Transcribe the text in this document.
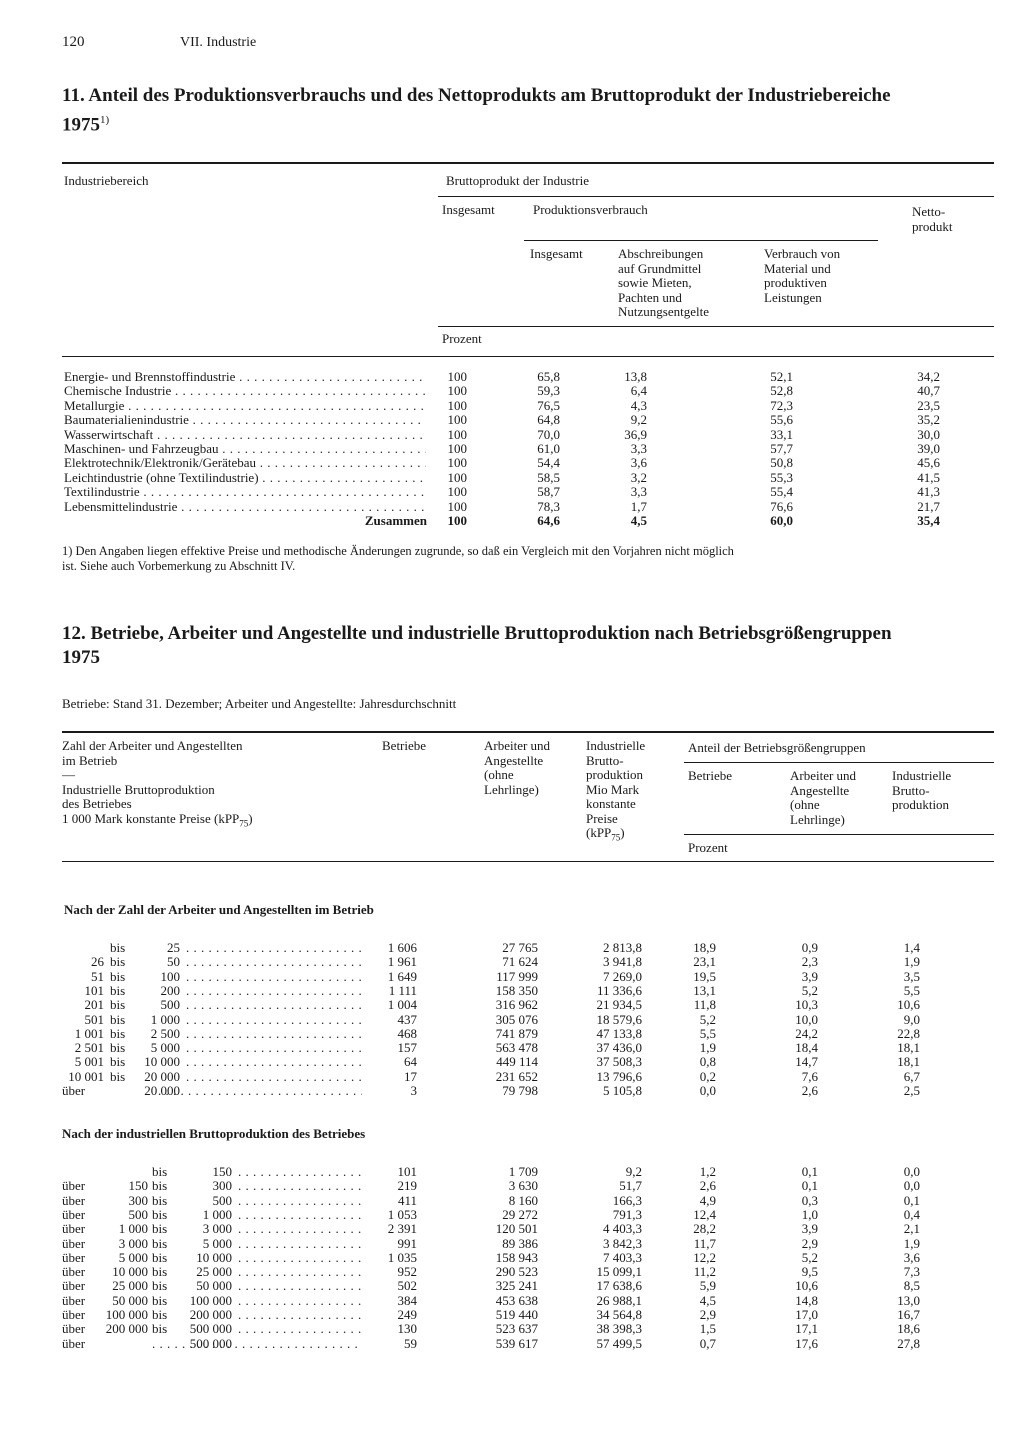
120	VII. Industrie
11. Anteil des Produktionsverbrauchs und des Nettoprodukts am Bruttoprodukt der Industriebereiche
1975$^{1)}$
Industriebereich	Bruttoprodukt der Industrie
Insgesamt	Produktionsverbrauch	Netto-
produkt
Insgesamt	Abschreibungen
auf Grundmittel
sowie Mieten,
Pachten und
Nutzungsentgelte
Verbrauch von
Material und
produktiven
Leistungen
Prozent
Energie- und Brennstoffindustrie . . .	100	65,8	13,8	52,1	34,2
Chemische Industrie . . .	100	59,3	6,4	52,8	40,7
Metallurgie . . .	100	76,5	4,3	72,3	23,5
Baumaterialienindustrie . . .	100	64,8	9,2	55,6	35,2
Wasserwirtschaft . . .	100	70,0	36,9	33,1	30,0
Maschinen- und Fahrzeugbau . . .	100	61,0	3,3	57,7	39,0
Elektrotechnik/Elektronik/Gerätebau . . .	100	54,4	3,6	50,8	45,6
Leichtindustrie (ohne Textilindustrie) . . .	100	58,5	3,2	55,3	41,5
Textilindustrie . . .	100	58,7	3,3	55,4	41,3
Lebensmittelindustrie . . .	100	78,3	1,7	76,6	21,7
Zusammen 100	64,6	4,5	60,0	35,4
1) Den Angaben liegen effektive Preise und methodische Änderungen zugrunde, so daß ein Vergleich mit den Vorjahren nicht möglich
ist. Siehe auch Vorbemerkung zu Abschnitt IV.
12. Betriebe, Arbeiter und Angestellte und industrielle Bruttoproduktion nach Betriebsgrößengruppen
1975
Betriebe: Stand 31. Dezember; Arbeiter und Angestellte: Jahresdurchschnitt
Zahl der Arbeiter und Angestellten
im Betrieb
—
Industrielle Bruttoproduktion
des Betriebes
1 000 Mark konstante Preise (kPP$_{75}$)
Betriebe	Arbeiter und
Angestellte
(ohne
Lehrlinge)
Industrielle
Brutto-
produktion
Mio Mark
konstante
Preise
(kPP$_{75}$)
Anteil der Betriebsgrößengruppen
Betriebe	Arbeiter und
Angestellte
(ohne
Lehrlinge)
Industrielle
Brutto-
produktion
Prozent
Nach der Zahl der Arbeiter und Angestellten im Betrieb
bis	25 . . .	1 606	27 765	2 813,8	18,9	0,9	1,4
26 bis	50 . . .	1 961	71 624	3 941,8	23,1	2,3	1,9
51 bis	100 . . .	1 649	117 999	7 269,0	19,5	3,9	3,5
101 bis	200 . . .	1 111	158 350	11 336,6	13,1	5,2	5,5
201 bis	500 . . .	1 004	316 962	21 934,5	11,8	10,3	10,6
501 bis 1 000 . . .	437	305 076	18 579,6	5,2	10,0	9,0
1 001 bis 2 500 . . .	468	741 879	47 133,8	5,5	24,2	22,8
2 501 bis 5 000 . . .	157	563 478	37 436,0	1,9	18,4	18,1
5 001 bis 10 000 . . .	64	449 114	37 508,3	0,8	14,7	18,1
10 001 bis 20 000 . . .	17	231 652	13 796,6	0,2	7,6	6,7
über	20 000 . . .	3	79 798	5 105,8	0,0	2,6	2,5
Nach der industriellen Bruttoproduktion des Betriebes
bis	150 . . .	101	1 709	9,2	1,2	0,1	0,0
über	150 bis	300 . . .	219	3 630	51,7	2,6	0,1	0,0
über	300 bis	500 . . .	411	8 160	166,3	4,9	0,3	0,1
über	500 bis	1 000 . . .	1 053	29 272	791,3	12,4	1,0	0,4
über	1 000 bis	3 000 . . .	2 391	120 501	4 403,3	28,2	3,9	2,1
über	3 000 bis	5 000 . . .	991	89 386	3 842,3	11,7	2,9	1,9
über	5 000 bis 10 000 . . .	1 035	158 943	7 403,3	12,2	5,2	3,6
über 10 000 bis 25 000 . . .	952	290 523	15 099,1	11,2	9,5	7,3
über 25 000 bis 50 000 . . .	502	325 241	17 638,6	5,9	10,6	8,5
über 50 000 bis 100 000 . . .	384	453 638	26 988,1	4,5	14,8	13,0
über 100 000 bis 200 000 . . .	249	519 440	34 564,8	2,9	17,0	16,7
über 200 000 bis 500 000 . . .	130	523 637	38 398,3	1,5	17,1	18,6
über	500 000 . . .	59	539 617	57 499,5	0,7	17,6	27,8
